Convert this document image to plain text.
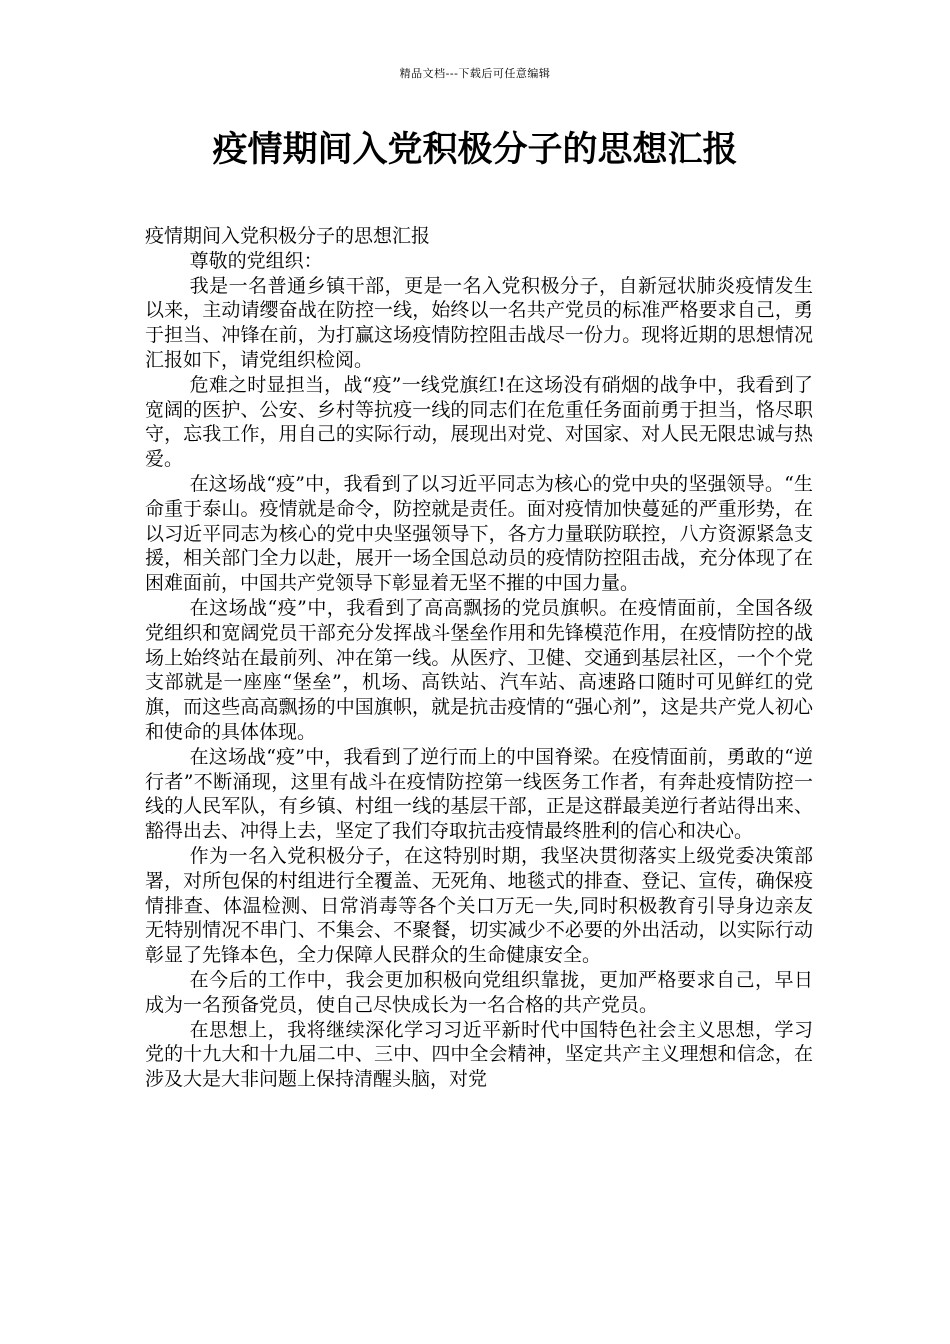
精品文档---下载后可任意编辑
疫情期间入党积极分子的思想汇报

疫情期间入党积极分子的思想汇报

尊敬的党组织：

我是一名普通乡镇干部，更是一名入党积极分子，自新冠状肺炎疫情发生以来，主动请缨奋战在防控一线，始终以一名共产党员的标准严格要求自己，勇于担当、冲锋在前，为打赢这场疫情防控阻击战尽一份力。现将近期的思想情况汇报如下，请党组织检阅。

危难之时显担当，战“疫”一线党旗红!在这场没有硝烟的战争中，我看到了宽阔的医护、公安、乡村等抗疫一线的同志们在危重任务面前勇于担当，恪尽职守，忘我工作，用自己的实际行动，展现出对党、对国家、对人民无限忠诚与热爱。

在这场战“疫”中，我看到了以习近平同志为核心的党中央的坚强领导。“生命重于泰山。疫情就是命令，防控就是责任。面对疫情加快蔓延的严重形势，在以习近平同志为核心的党中央坚强领导下，各方力量联防联控，八方资源紧急支援，相关部门全力以赴，展开一场全国总动员的疫情防控阻击战，充分体现了在困难面前，中国共产党领导下彰显着无坚不摧的中国力量。

在这场战“疫”中，我看到了高高飘扬的党员旗帜。在疫情面前，全国各级党组织和宽阔党员干部充分发挥战斗堡垒作用和先锋模范作用，在疫情防控的战场上始终站在最前列、冲在第一线。从医疗、卫健、交通到基层社区，一个个党支部就是一座座“堡垒”，机场、高铁站、汽车站、高速路口随时可见鲜红的党旗，而这些高高飘扬的中国旗帜，就是抗击疫情的“强心剂”，这是共产党人初心和使命的具体体现。

在这场战“疫”中，我看到了逆行而上的中国脊梁。在疫情面前，勇敢的“逆行者”不断涌现，这里有战斗在疫情防控第一线医务工作者，有奔赴疫情防控一线的人民军队，有乡镇、村组一线的基层干部，正是这群最美逆行者站得出来、豁得出去、冲得上去，坚定了我们夺取抗击疫情最终胜利的信心和决心。

作为一名入党积极分子，在这特别时期，我坚决贯彻落实上级党委决策部署，对所包保的村组进行全覆盖、无死角、地毯式的排查、登记、宣传，确保疫情排查、体温检测、日常消毒等各个关口万无一失,同时积极教育引导身边亲友无特别情况不串门、不集会、不聚餐，切实减少不必要的外出活动，以实际行动彰显了先锋本色，全力保障人民群众的生命健康安全。

在今后的工作中，我会更加积极向党组织靠拢，更加严格要求自己，早日成为一名预备党员，使自己尽快成长为一名合格的共产党员。

在思想上，我将继续深化学习习近平新时代中国特色社会主义思想，学习党的十九大和十九届二中、三中、四中全会精神，坚定共产主义理想和信念，在涉及大是大非问题上保持清醒头脑，对党
